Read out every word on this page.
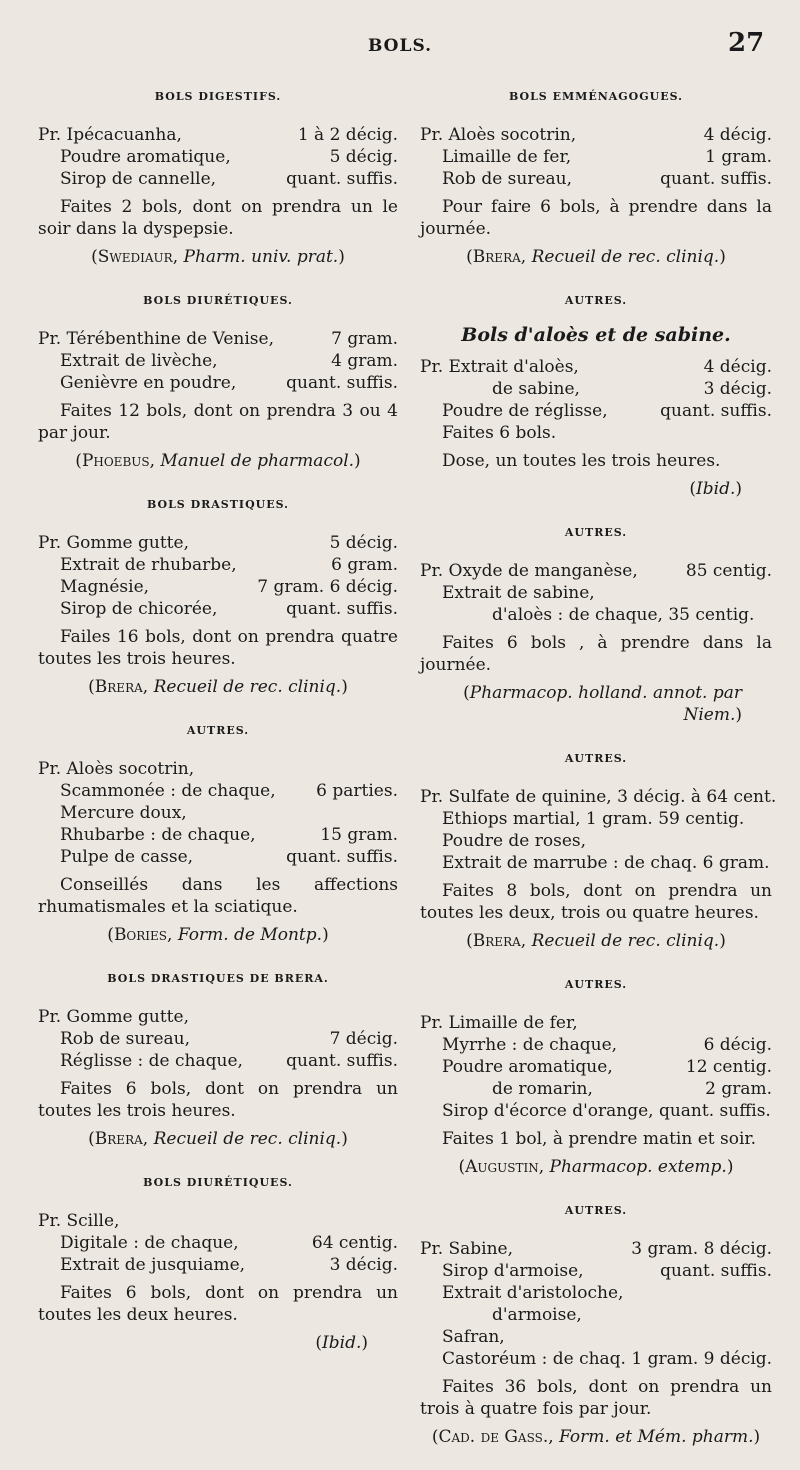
BOLS.	27
BOLS DIGESTIFS.
Pr. Ipécacuanha,	1 à 2 décig.
Poudre aromatique,	5 décig.
Sirop de cannelle,	quant. suffis.
Faites 2 bols, dont on prendra un le soir dans la dyspepsie.
(Swediaur, Pharm. univ. prat.)
BOLS DIURÉTIQUES.
Pr. Térébenthine de Venise,	7 gram.
Extrait de livèche,	4 gram.
Genièvre en poudre,	quant. suffis.
Faites 12 bols, dont on prendra 3 ou 4 par jour.
(Phoebus, Manuel de pharmacol.)
BOLS DRASTIQUES.
Pr. Gomme gutte,	5 décig.
Extrait de rhubarbe,	6 gram.
Magnésie,	7 gram. 6 décig.
Sirop de chicorée,	quant. suffis.
Failes 16 bols, dont on prendra quatre toutes les trois heures.
(Brera, Recueil de rec. cliniq.)
AUTRES.
Pr. Aloès socotrin,
Scammonée : de chaque, 6 parties.
Mercure doux,
Rhubarbe : de chaque,	15 gram.
Pulpe de casse,	quant. suffis.
Conseillés dans les affections rhumatismales et la sciatique.
(Bories, Form. de Montp.)
BOLS DRASTIQUES DE BRERA.
Pr. Gomme gutte,
Rob de sureau,	7 décig.
Réglisse : de chaque,	quant. suffis.
Faites 6 bols, dont on prendra un toutes les trois heures.
(Brera, Recueil de rec. cliniq.)
BOLS DIURÉTIQUES.
Pr. Scille,
Digitale : de chaque,	64 centig.
Extrait de jusquiame,	3 décig.
Faites 6 bols, dont on prendra un toutes les deux heures.
(Ibid.)
BOLS EMMÉNAGOGUES.
Pr. Aloès socotrin,	4 décig.
Limaille de fer,	1 gram.
Rob de sureau,	quant. suffis.
Pour faire 6 bols, à prendre dans la journée.
(Brera, Recueil de rec. cliniq.)
AUTRES.
Bols d'aloès et de sabine.
Pr. Extrait d'aloès,	4 décig.
de sabine,	3 décig.
Poudre de réglisse,	quant. suffis.
Faites 6 bols.
Dose, un toutes les trois heures.
(Ibid.)
AUTRES.
Pr. Oxyde de manganèse,	85 centig.
Extrait de sabine,
d'aloès : de chaque, 35 centig.
Faites 6 bols , à prendre dans la journée.
(Pharmacop. holland. annot. par Niem.)
AUTRES.
Pr. Sulfate de quinine, 3 décig. à 64 cent.
Ethiops martial, 1 gram. 59 centig.
Poudre de roses,
Extrait de marrube : de chaq. 6 gram.
Faites 8 bols, dont on prendra un toutes les deux, trois ou quatre heures.
(Brera, Recueil de rec. cliniq.)
AUTRES.
Pr. Limaille de fer,
Myrrhe : de chaque,	6 décig.
Poudre aromatique,	12 centig.
de romarin,	2 gram.
Sirop d'écorce d'orange, quant. suffis.
Faites 1 bol, à prendre matin et soir.
(Augustin, Pharmacop. extemp.)
AUTRES.
Pr. Sabine,	3 gram. 8 décig.
Sirop d'armoise,	quant. suffis.
Extrait d'aristoloche,
d'armoise,
Safran,
Castoréum : de chaq. 1 gram. 9 décig.
Faites 36 bols, dont on prendra un trois à quatre fois par jour.
(Cad. de Gass., Form. et Mém. pharm.)
